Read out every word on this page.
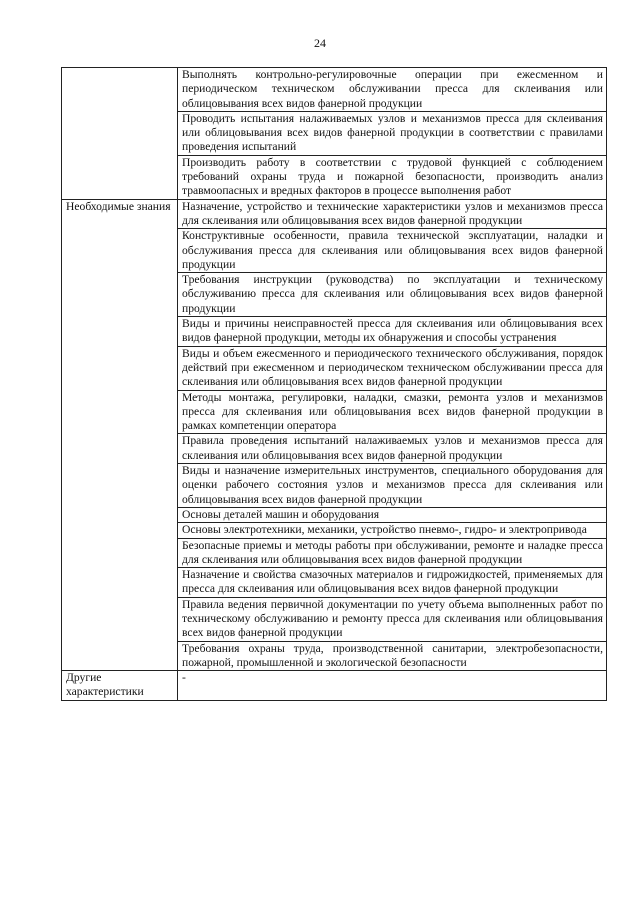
24
	Выполнять контрольно-регулировочные операции при ежесменном и периодическом техническом обслуживании пресса для склеивания или облицовывания всех видов фанерной продукции
	Проводить испытания налаживаемых узлов и механизмов пресса для склеивания или облицовывания всех видов фанерной продукции в соответствии с правилами проведения испытаний
	Производить работу в соответствии с трудовой функцией с соблюдением требований охраны труда и пожарной безопасности, производить анализ травмоопасных и вредных факторов в процессе выполнения работ
Необходимые знания	Назначение, устройство и технические характеристики узлов и механизмов пресса для склеивания или облицовывания всех видов фанерной продукции
	Конструктивные особенности, правила технической эксплуатации, наладки и обслуживания пресса для склеивания или облицовывания всех видов фанерной продукции
	Требования инструкции (руководства) по эксплуатации и техническому обслуживанию пресса для склеивания или облицовывания всех видов фанерной продукции
	Виды и причины неисправностей пресса для склеивания или облицовывания всех видов фанерной продукции, методы их обнаружения и способы устранения
	Виды и объем ежесменного и периодического технического обслуживания, порядок действий при ежесменном и периодическом техническом обслуживании пресса для склеивания или облицовывания всех видов фанерной продукции
	Методы монтажа, регулировки, наладки, смазки, ремонта узлов и механизмов пресса для склеивания или облицовывания всех видов фанерной продукции в рамках компетенции оператора
	Правила проведения испытаний налаживаемых узлов и механизмов пресса для склеивания или облицовывания всех видов фанерной продукции
	Виды и назначение измерительных инструментов, специального оборудования для оценки рабочего состояния узлов и механизмов пресса для склеивания или облицовывания всех видов фанерной продукции
	Основы деталей машин и оборудования
	Основы электротехники, механики, устройство пневмо-, гидро- и электропривода
	Безопасные приемы и методы работы при обслуживании, ремонте и наладке пресса для склеивания или облицовывания всех видов фанерной продукции
	Назначение и свойства смазочных материалов и гидрожидкостей, применяемых для пресса для склеивания или облицовывания всех видов фанерной продукции
	Правила ведения первичной документации по учету объема выполненных работ по техническому обслуживанию и ремонту пресса для склеивания или облицовывания всех видов фанерной продукции
	Требования охраны труда, производственной санитарии, электробезопасности, пожарной, промышленной и экологической безопасности
Другие характеристики	-
